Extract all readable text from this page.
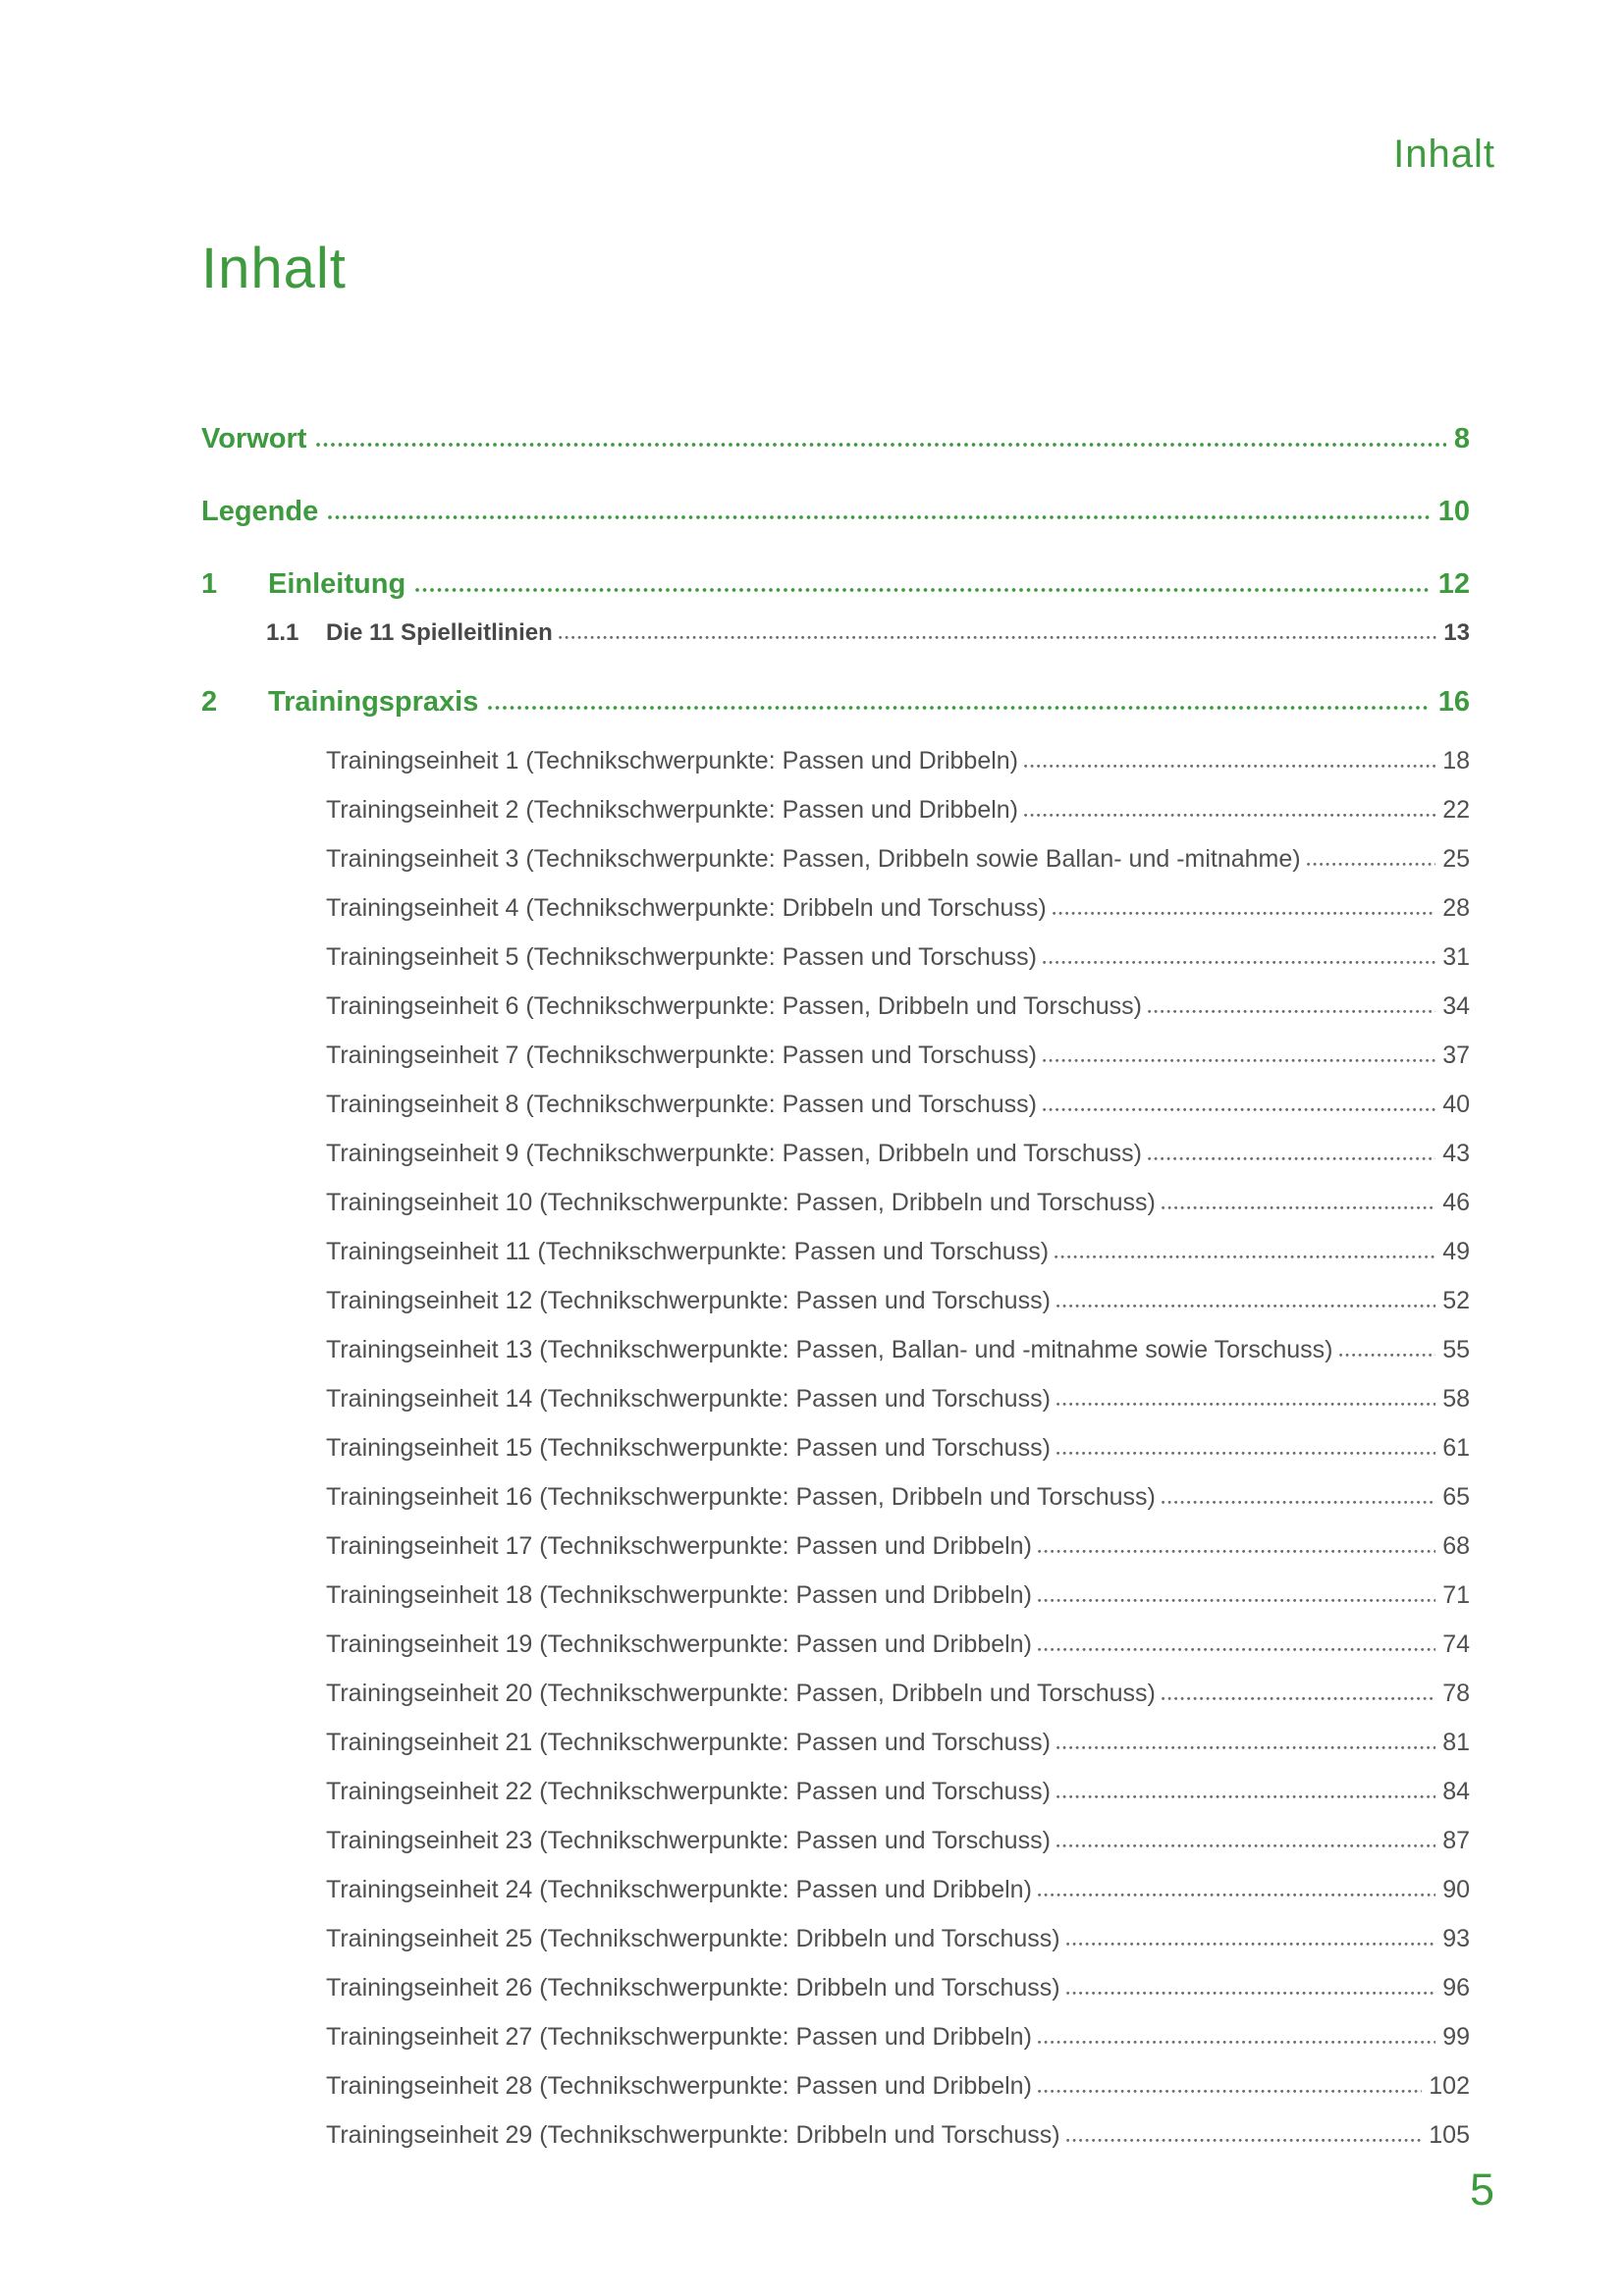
Inhalt
Inhalt
Vorwort	8
Legende	10
1	Einleitung	12
1.1	Die 11 Spielleitlinien	13
2	Trainingspraxis	16
Trainingseinheit 1 (Technikschwerpunkte: Passen und Dribbeln)	18
Trainingseinheit 2 (Technikschwerpunkte: Passen und Dribbeln)	22
Trainingseinheit 3 (Technikschwerpunkte: Passen, Dribbeln sowie Ballan- und -mitnahme)	25
Trainingseinheit 4 (Technikschwerpunkte: Dribbeln und Torschuss)	28
Trainingseinheit 5 (Technikschwerpunkte: Passen und Torschuss)	31
Trainingseinheit 6 (Technikschwerpunkte: Passen, Dribbeln und Torschuss)	34
Trainingseinheit 7 (Technikschwerpunkte: Passen und Torschuss)	37
Trainingseinheit 8 (Technikschwerpunkte: Passen und Torschuss)	40
Trainingseinheit 9 (Technikschwerpunkte: Passen, Dribbeln und Torschuss)	43
Trainingseinheit 10 (Technikschwerpunkte: Passen, Dribbeln und Torschuss)	46
Trainingseinheit 11 (Technikschwerpunkte: Passen und Torschuss)	49
Trainingseinheit 12 (Technikschwerpunkte: Passen und Torschuss)	52
Trainingseinheit 13 (Technikschwerpunkte: Passen, Ballan- und -mitnahme sowie Torschuss)	55
Trainingseinheit 14 (Technikschwerpunkte: Passen und Torschuss)	58
Trainingseinheit 15 (Technikschwerpunkte: Passen und Torschuss)	61
Trainingseinheit 16 (Technikschwerpunkte: Passen, Dribbeln und Torschuss)	65
Trainingseinheit 17 (Technikschwerpunkte: Passen und Dribbeln)	68
Trainingseinheit 18 (Technikschwerpunkte: Passen und Dribbeln)	71
Trainingseinheit 19 (Technikschwerpunkte: Passen und Dribbeln)	74
Trainingseinheit 20 (Technikschwerpunkte: Passen, Dribbeln und Torschuss)	78
Trainingseinheit 21 (Technikschwerpunkte: Passen und Torschuss)	81
Trainingseinheit 22 (Technikschwerpunkte: Passen und Torschuss)	84
Trainingseinheit 23 (Technikschwerpunkte: Passen und Torschuss)	87
Trainingseinheit 24 (Technikschwerpunkte: Passen und Dribbeln)	90
Trainingseinheit 25 (Technikschwerpunkte: Dribbeln und Torschuss)	93
Trainingseinheit 26 (Technikschwerpunkte: Dribbeln und Torschuss)	96
Trainingseinheit 27 (Technikschwerpunkte: Passen und Dribbeln)	99
Trainingseinheit 28 (Technikschwerpunkte: Passen und Dribbeln)	102
Trainingseinheit 29 (Technikschwerpunkte: Dribbeln und Torschuss)	105
5
